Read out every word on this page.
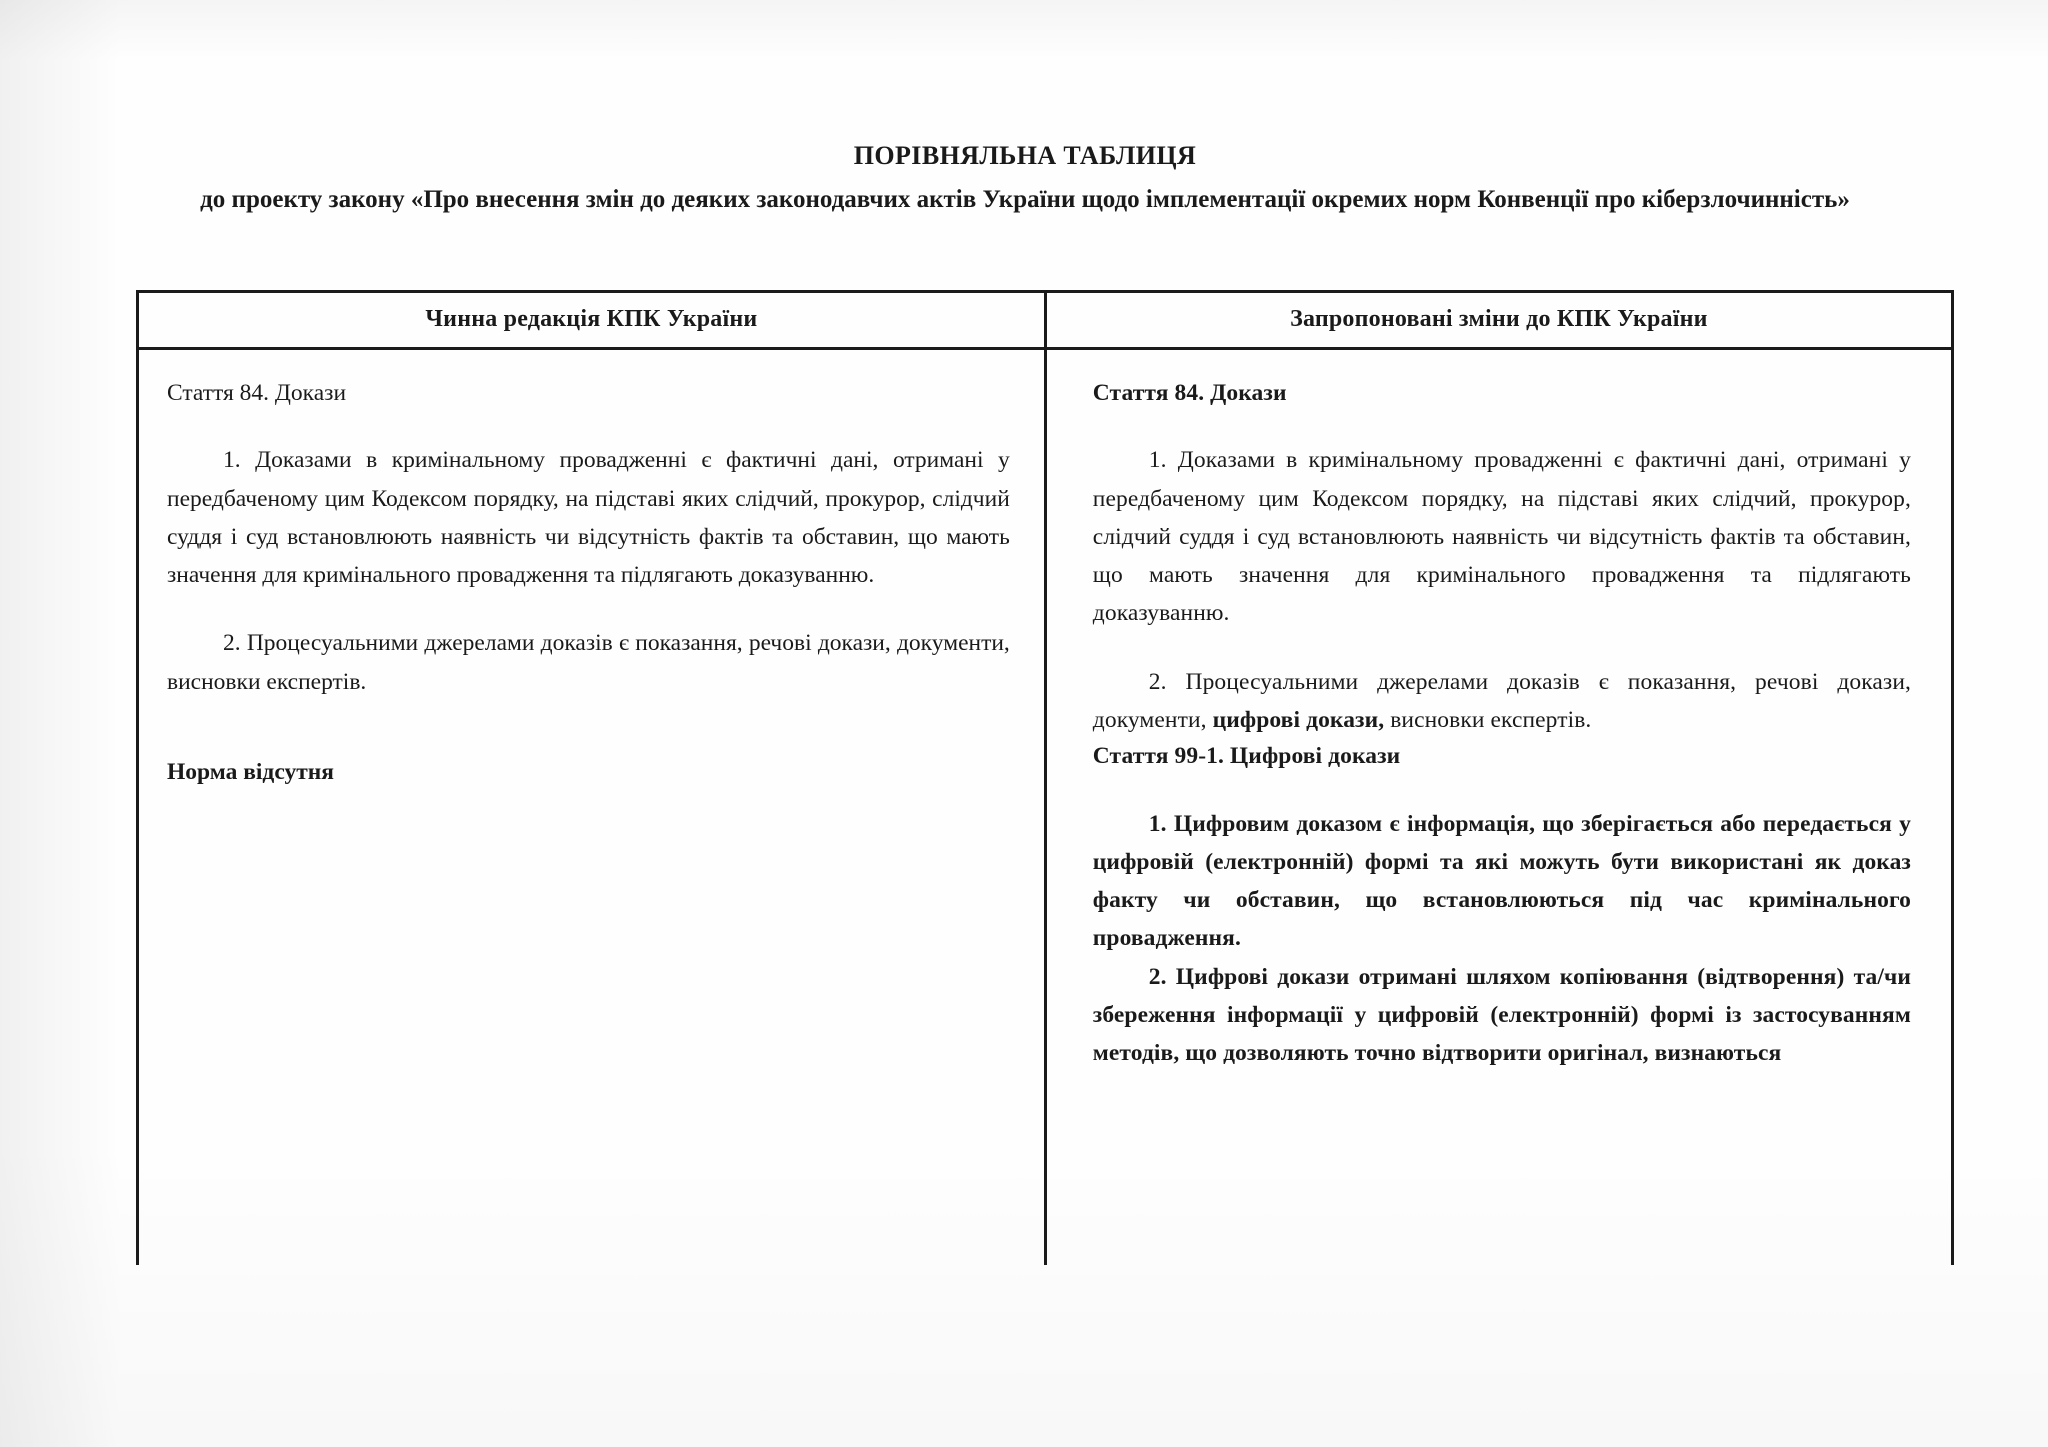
ПОРІВНЯЛЬНА ТАБЛИЦЯ
до проекту закону «Про внесення змін до деяких законодавчих актів України щодо імплементації окремих норм Конвенції про кіберзлочинність»
Чинна редакція КПК України	Запропоновані зміни до КПК України

Стаття 84. Докази

1. Доказами в кримінальному провадженні є фактичні дані, отримані у передбаченому цим Кодексом порядку, на підставі яких слідчий, прокурор, слідчий суддя і суд встановлюють наявність чи відсутність фактів та обставин, що мають значення для кримінального провадження та підлягають доказуванню.

2. Процесуальними джерелами доказів є показання, речові докази, документи, висновки експертів.

Норма відсутня

Стаття 84. Докази

1. Доказами в кримінальному провадженні є фактичні дані, отримані у передбаченому цим Кодексом порядку, на підставі яких слідчий, прокурор, слідчий суддя і суд встановлюють наявність чи відсутність фактів та обставин, що мають значення для кримінального провадження та підлягають доказуванню.

2. Процесуальними джерелами доказів є показання, речові докази, документи, цифрові докази, висновки експертів.

Стаття 99-1. Цифрові докази

1. Цифровим доказом є інформація, що зберігається або передається у цифровій (електронній) формі та які можуть бути використані як доказ факту чи обставин, що встановлюються під час кримінального провадження.

2. Цифрові докази отримані шляхом копіювання (відтворення) та/чи збереження інформації у цифровій (електронній) формі із застосуванням методів, що дозволяють точно відтворити оригінал, визнаються
